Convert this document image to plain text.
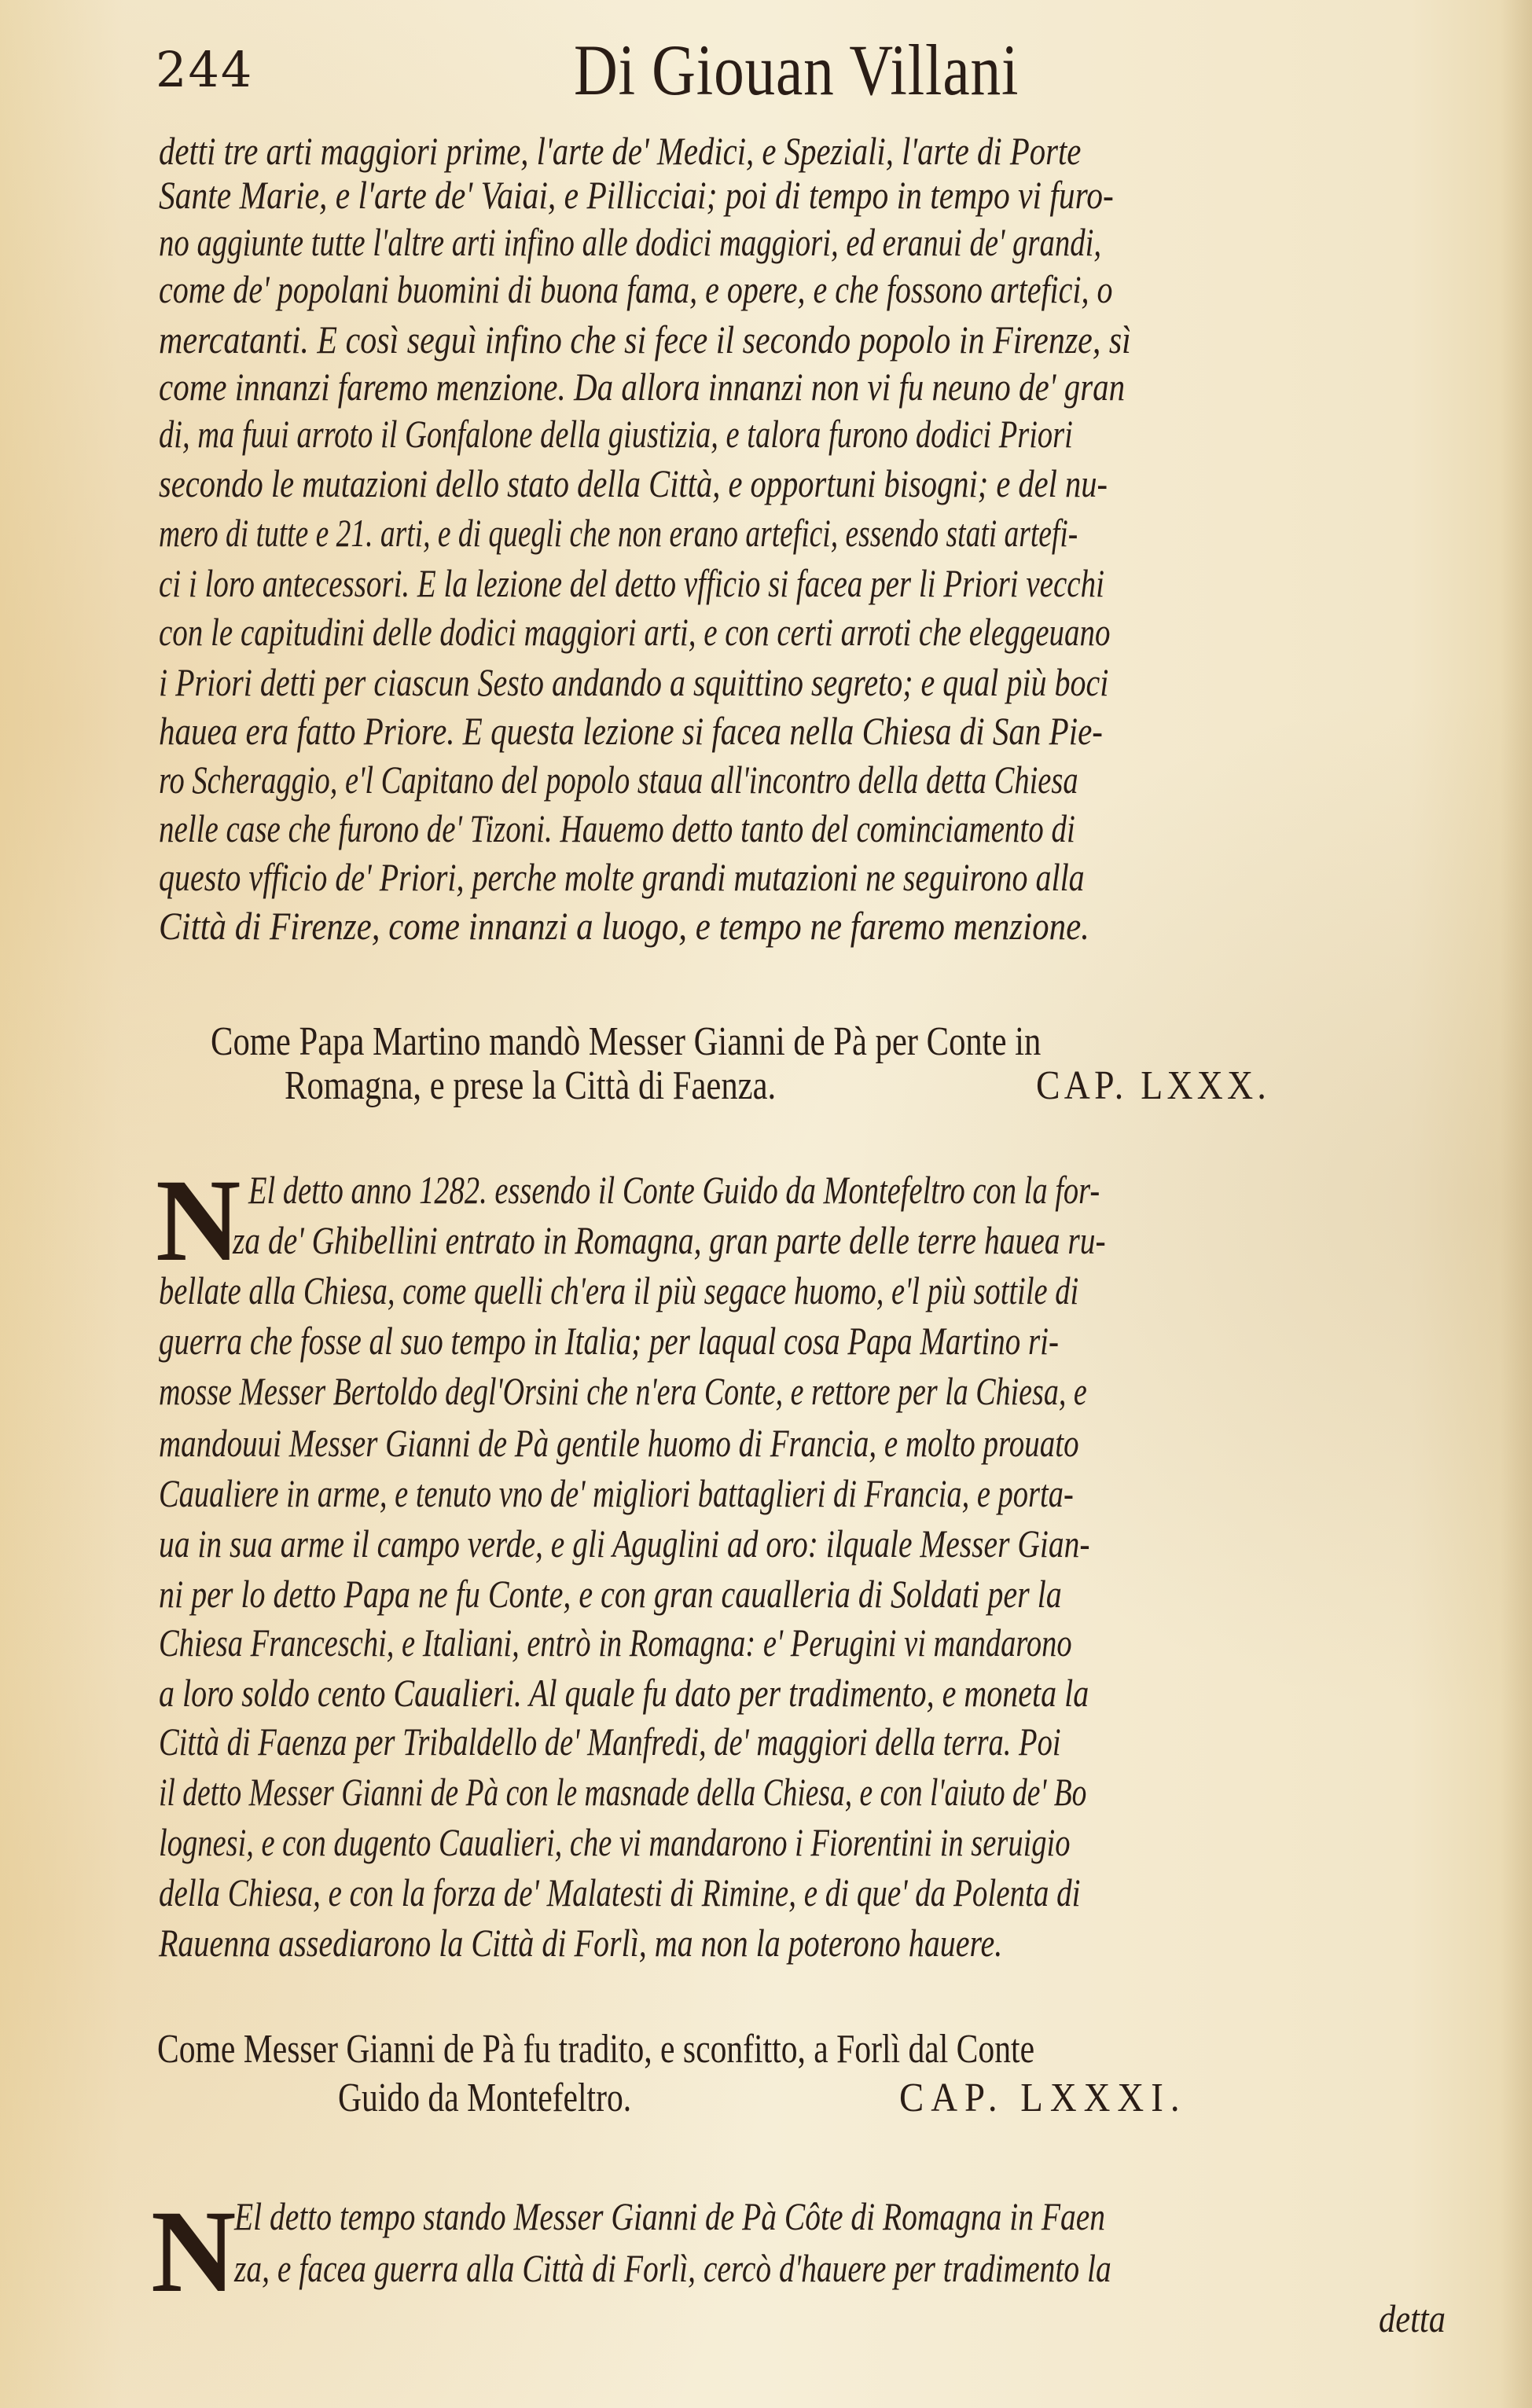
244	Di Giouan Villani
detti tre arti maggiori prime, l'arte de' Medici, e Speziali, l'arte di Porte
Sante Marie, e l'arte de' Vaiai, e Pillicciai; poi di tempo in tempo vi furo-
no aggiunte tutte l'altre arti infino alle dodici maggiori, ed eranui de' grandi,
come de' popolani buomini di buona fama, e opere, e che fossono artefici, o
mercatanti. E così seguì infino che si fece il secondo popolo in Firenze, sì
come innanzi faremo menzione. Da allora innanzi non vi fu neuno de' gran
di, ma fuui arroto il Gonfalone della giustizia, e talora furono dodici Priori
secondo le mutazioni dello stato della Città, e opportuni bisogni; e del nu-
mero di tutte e 21. arti, e di quegli che non erano artefici, essendo stati artefi-
ci i loro antecessori. E la lezione del detto vfficio si facea per li Priori vecchi
con le capitudini delle dodici maggiori arti, e con certi arroti che eleggeuano
i Priori detti per ciascun Sesto andando a squittino segreto; e qual più boci
hauea era fatto Priore. E questa lezione si facea nella Chiesa di San Pie-
ro Scheraggio, e'l Capitano del popolo staua all'incontro della detta Chiesa
nelle case che furono de' Tizoni. Hauemo detto tanto del cominciamento di
questo vfficio de' Priori, perche molte grandi mutazioni ne seguirono alla
Città di Firenze, come innanzi a luogo, e tempo ne faremo menzione.
Come Papa Martino mandò Messer Gianni de Pà per Conte in
Romagna, e prese la Città di Faenza.	CAP. LXXX.
N El detto anno 1282. essendo il Conte Guido da Montefeltro con la for-
za de' Ghibellini entrato in Romagna, gran parte delle terre hauea ru-
bellate alla Chiesa, come quelli ch'era il più segace huomo, e'l più sottile di
guerra che fosse al suo tempo in Italia; per laqual cosa Papa Martino ri-
mosse Messer Bertoldo degl'Orsini che n'era Conte, e rettore per la Chiesa, e
mandouui Messer Gianni de Pà gentile huomo di Francia, e molto prouato
Caualiere in arme, e tenuto vno de' migliori battaglieri di Francia, e porta-
ua in sua arme il campo verde, e gli Aguglini ad oro: ilquale Messer Gian-
ni per lo detto Papa ne fu Conte, e con gran caualleria di Soldati per la
Chiesa Franceschi, e Italiani, entrò in Romagna: e' Perugini vi mandarono
a loro soldo cento Caualieri. Al quale fu dato per tradimento, e moneta la
Città di Faenza per Tribaldello de' Manfredi, de' maggiori della terra. Poi
il detto Messer Gianni de Pà con le masnade della Chiesa, e con l'aiuto de' Bo
lognesi, e con dugento Caualieri, che vi mandarono i Fiorentini in seruigio
della Chiesa, e con la forza de' Malatesti di Rimine, e di que' da Polenta di
Rauenna assediarono la Città di Forlì, ma non la poterono hauere.
Come Messer Gianni de Pà fu tradito, e sconfitto, a Forlì dal Conte
Guido da Montefeltro.	CAP. LXXXI.
N
El detto tempo stando Messer Gianni de Pà Côte di Romagna in Faen
za, e facea guerra alla Città di Forlì, cercò d'hauere per tradimento la
detta
